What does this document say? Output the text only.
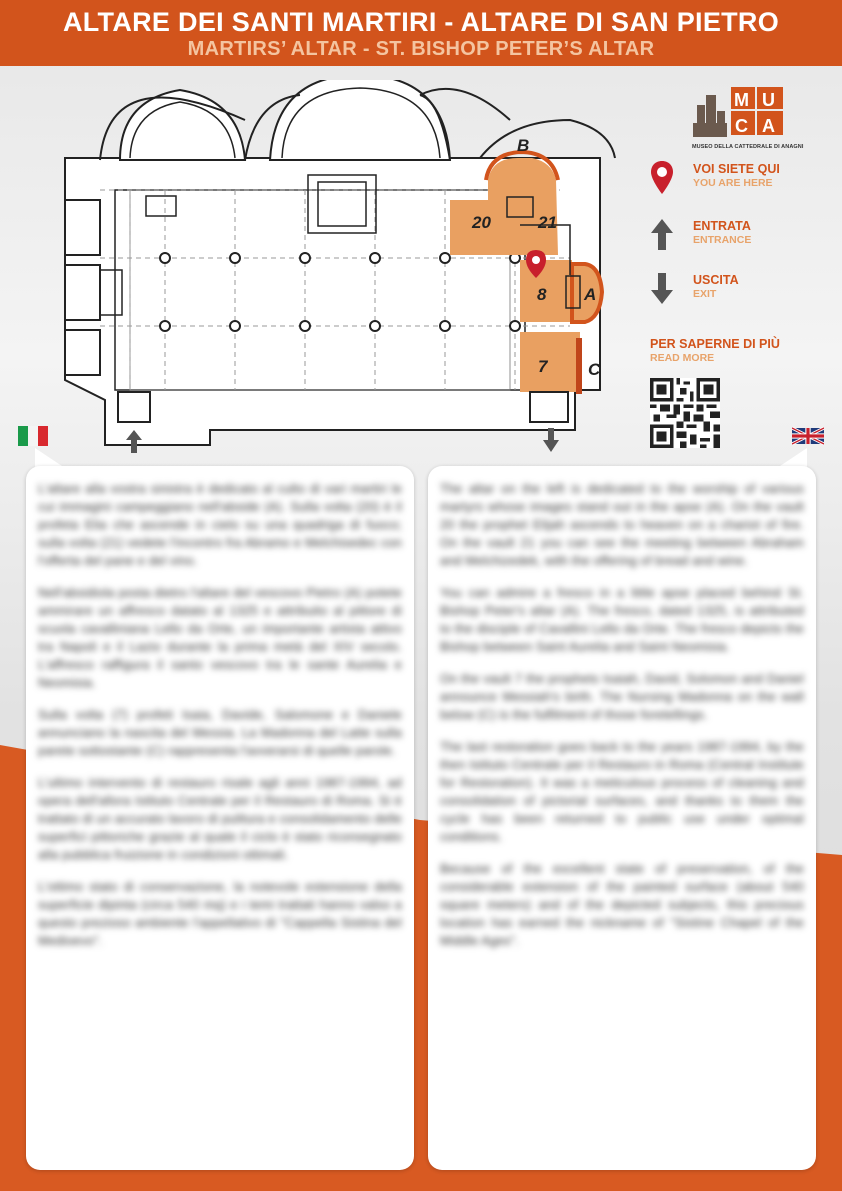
ALTARE DEI SANTI MARTIRI - ALTARE DI SAN PIETRO
MARTIRS’ ALTAR - ST. BISHOP PETER’S ALTAR
20	21
8 A
B
7 C
M U
C A
MUSEO DELLA CATTEDRALE DI ANAGNI
VOI SIETE QUI
YOU ARE HERE
ENTRATA
ENTRANCE
USCITA
EXIT
PER SAPERNE DI PIÙ
READ MORE

L'altare alla vostra sinistra è dedicato al culto di vari martiri le cui immagini campeggiano nell'abside (A). Sulla volta (20) è il profeta Elia che ascende in cielo su una quadriga di fuoco; sulla volta (21) vedete l'incontro fra Abramo e Melchisedec con l'offerta del pane e del vino.

Nell'absidiola posta dietro l'altare del vescovo Pietro (A) potete ammirare un affresco datato al 1325 e attribuito al pittore di scuola cavalliniana Lello da Orte, un importante artista attivo tra Napoli e il Lazio durante la prima metà del XIV secolo. L'affresco raffigura il santo vescovo tra le sante Aurelia e Neomisia.

Sulla volta (7) profeti Isaia, Davide, Salomone e Daniele annunciano la nascita del Messia. La Madonna del Latte sulla parete sottostante (C) rappresenta l'avverarsi di quelle parole.

L'ultimo intervento di restauro risale agli anni 1987-1994, ad opera dell'allora Istituto Centrale per il Restauro di Roma. Si è trattato di un accurato lavoro di pulitura e consolidamento delle superfici pittoriche grazie al quale il ciclo è stato riconsegnato alla pubblica fruizione in condizioni ottimali.

L'ottimo stato di conservazione, la notevole estensione della superficie dipinta (circa 540 mq) e i temi trattati hanno valso a questo prezioso ambiente l'appellativo di "Cappella Sistina del Medioevo".

The altar on the left is dedicated to the worship of various martyrs whose images stand out in the apse (A). On the vault 20 the prophet Elijah ascends to heaven on a chariot of fire. On the vault 21 you can see the meeting between Abraham and Melchizedek, with the offering of bread and wine.

You can admire a fresco in a little apse placed behind St. Bishop Peter's altar (A). The fresco, dated 1325, is attributed to the disciple of Cavallini Lello da Orte. The fresco depicts the Bishop between Saint Aurelia and Saint Neomisia.

On the vault 7 the prophets Isaiah, David, Solomon and Daniel announce Messiah's birth. The Nursing Madonna on the wall below (C) is the fulfilment of those foretellings.

The last restoration goes back to the years 1987-1994, by the then Istituto Centrale per il Restauro in Roma (Central Institute for Restoration). It was a meticulous process of cleaning and consolidation of pictorial surfaces, and thanks to them the cycle has been returned to public use under optimal conditions.

Because of the excellent state of preservation, of the considerable extension of the painted surface (about 540 square meters) and of the depicted subjects, this precious location has earned the nickname of "Sistine Chapel of the Middle Ages".
